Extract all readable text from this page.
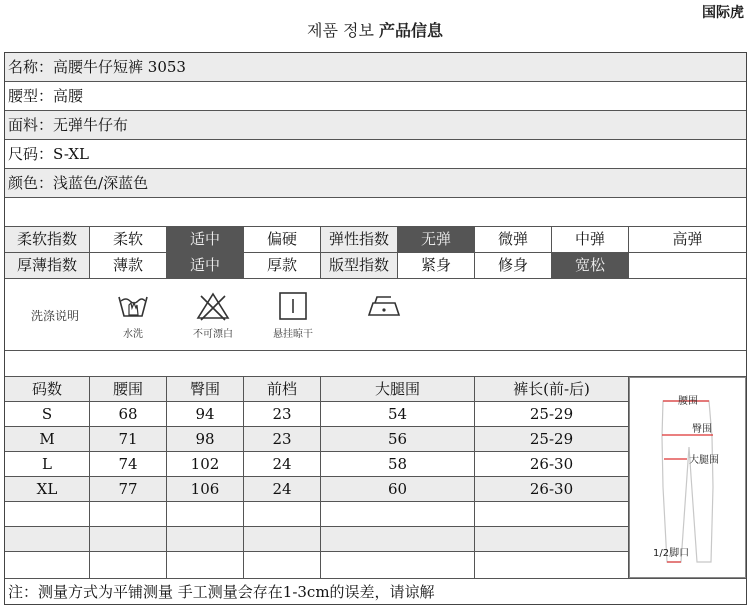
国际虎
제품 정보 产品信息
名称：高腰牛仔短裤 3053
腰型：高腰
面料：无弹牛仔布
尺码：S-XL
颜色：浅蓝色/深蓝色
柔软指数	柔软	适中	偏硬	弹性指数	无弹	微弹	中弹	高弹
厚薄指数	薄款	适中	厚款	版型指数	紧身	修身	宽松
洗涤说明
水洗	不可漂白	悬挂晾干
码数	腰围	臀围	前档	大腿围	裤长(前-后)
S	68	94	23	54	25-29
M	71	98	23	56	25-29
L	74	102	24	58	26-30
XL	77	106	24	60	26-30
腰围
臀围
大腿围
1/2脚口
注：测量方式为平铺测量 手工测量会存在1-3cm的误差，请谅解
